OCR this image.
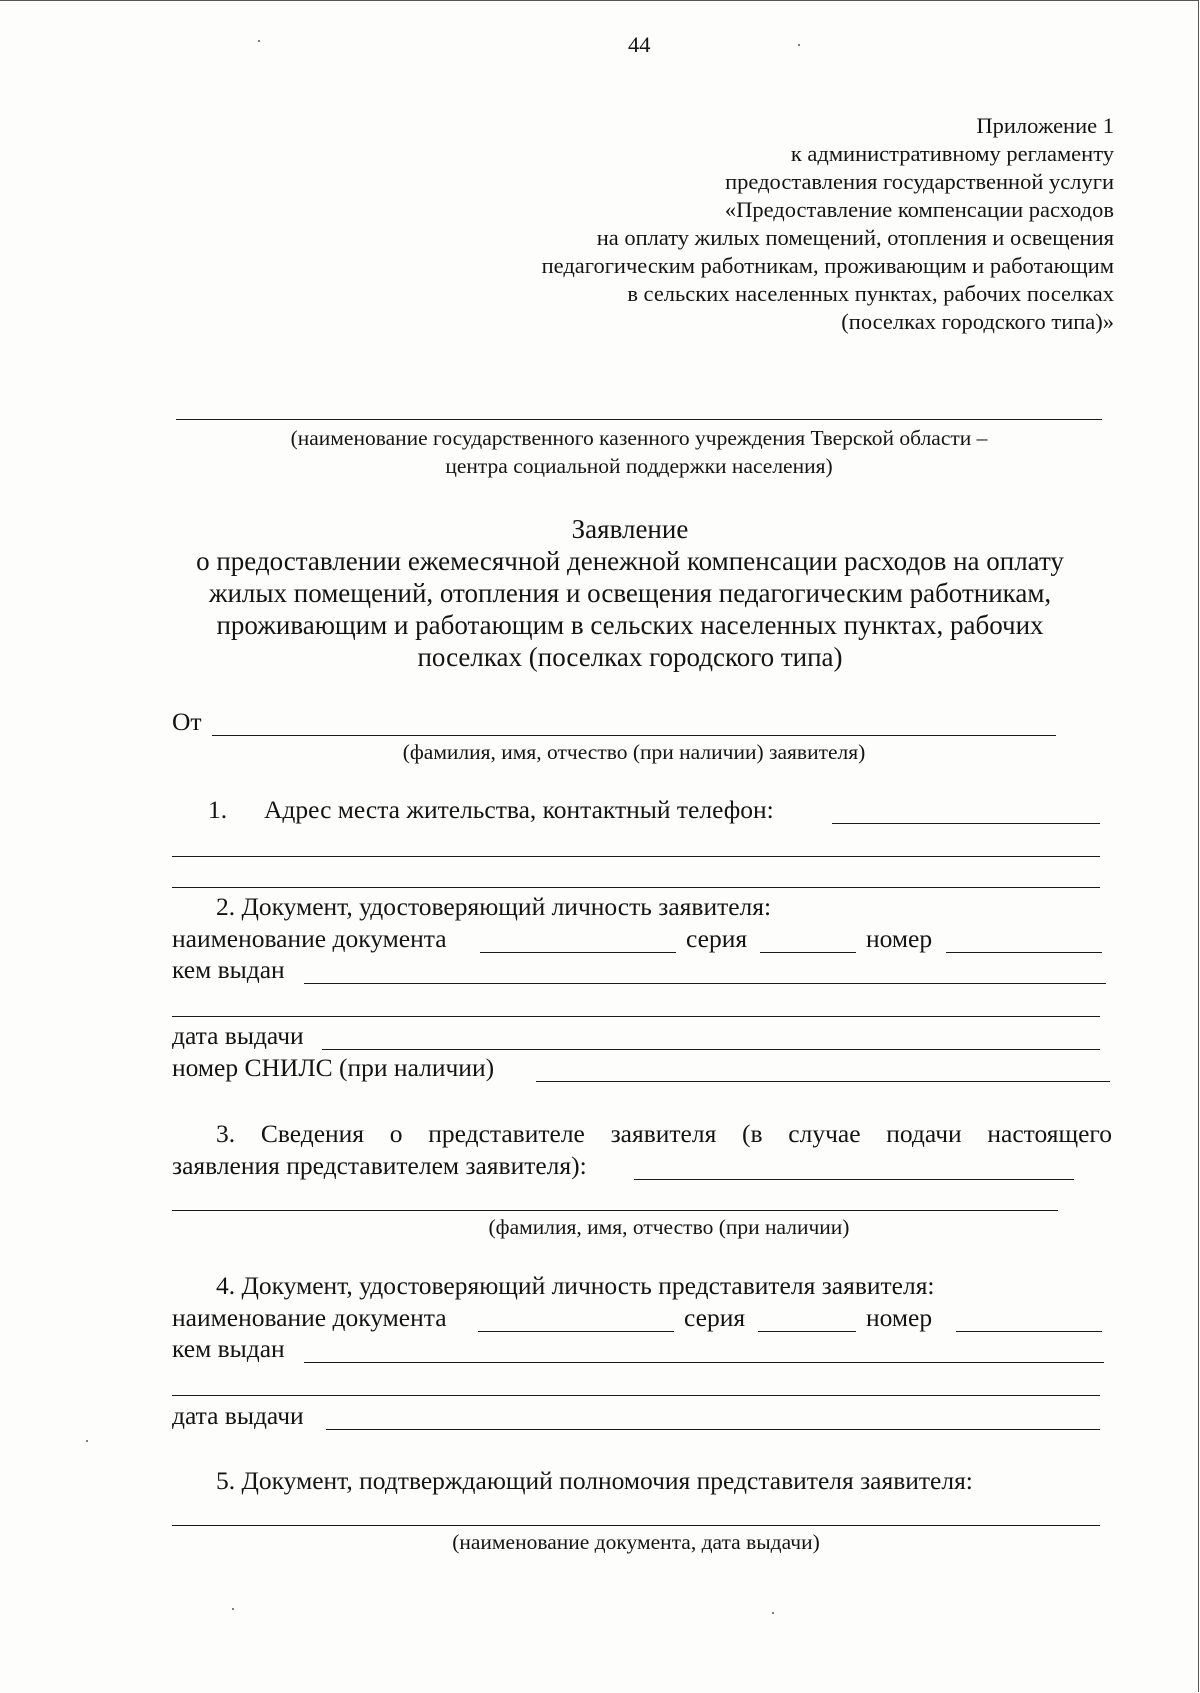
44
Приложение 1
к административному регламенту
предоставления государственной услуги
«Предоставление компенсации расходов
на оплату жилых помещений, отопления и освещения
педагогическим работникам, проживающим и работающим
в сельских населенных пунктах, рабочих поселках
(поселках городского типа)»
(наименование государственного казенного учреждения Тверской области –
центра социальной поддержки населения)
Заявление
о предоставлении ежемесячной денежной компенсации расходов на оплату
жилых помещений, отопления и освещения педагогическим работникам,
проживающим и работающим в сельских населенных пунктах, рабочих
поселках (поселках городского типа)
От
(фамилия, имя, отчество (при наличии) заявителя)
1. Адрес места жительства, контактный телефон:
2. Документ, удостоверяющий личность заявителя:
наименование документа	серия	номер
кем выдан
дата выдачи
номер СНИЛС (при наличии)
3. Сведения о представителе заявителя (в случае подачи настоящего
заявления представителем заявителя):
(фамилия, имя, отчество (при наличии)
4. Документ, удостоверяющий личность представителя заявителя:
наименование документа	серия	номер
кем выдан
дата выдачи
5. Документ, подтверждающий полномочия представителя заявителя:
(наименование документа, дата выдачи)
